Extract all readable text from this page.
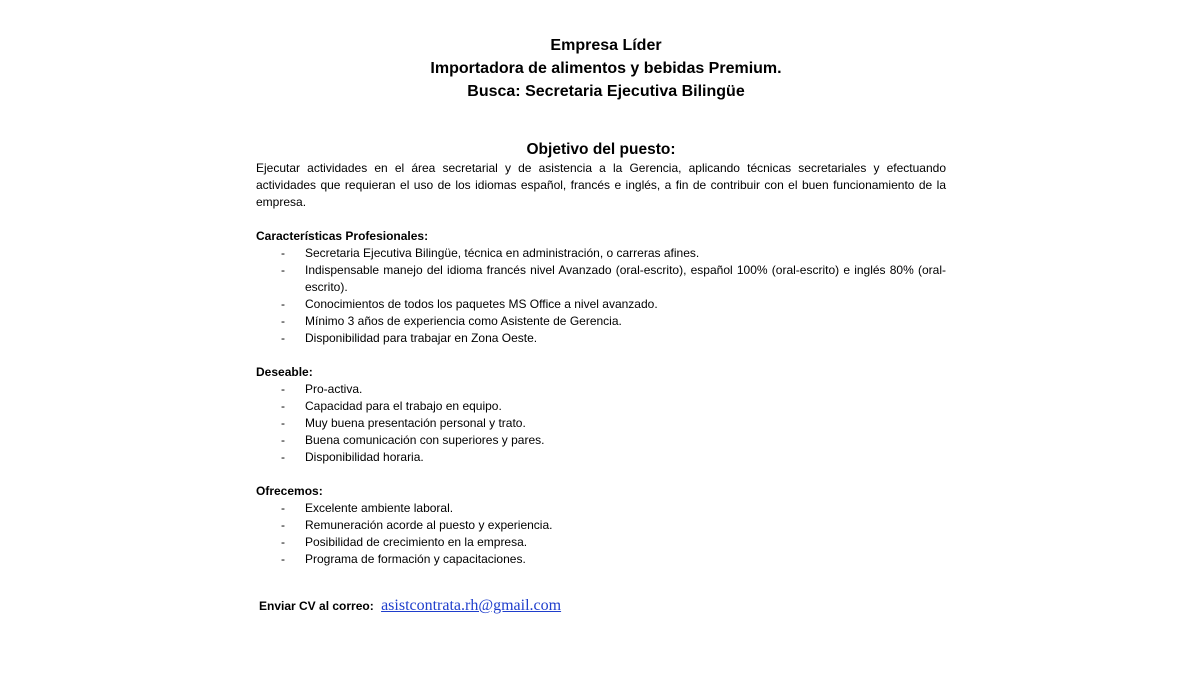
Empresa Líder
Importadora de alimentos y bebidas Premium.
Busca: Secretaria Ejecutiva Bilingüe
Objetivo del puesto:

Ejecutar actividades en el área secretarial y de asistencia a la Gerencia, aplicando técnicas secretariales y efectuando actividades que requieran el uso de los idiomas español, francés e inglés, a fin de contribuir con el buen funcionamiento de la empresa.

Características Profesionales:
- Secretaria Ejecutiva Bilingüe, técnica en administración, o carreras afines.
- Indispensable manejo del idioma francés nivel Avanzado (oral-escrito), español 100% (oral-escrito) e inglés 80% (oral-escrito).
- Conocimientos de todos los paquetes MS Office a nivel avanzado.
- Mínimo 3 años de experiencia como Asistente de Gerencia.
- Disponibilidad para trabajar en Zona Oeste.
Deseable:
- Pro-activa.
- Capacidad para el trabajo en equipo.
- Muy buena presentación personal y trato.
- Buena comunicación con superiores y pares.
- Disponibilidad horaria.
Ofrecemos:
- Excelente ambiente laboral.
- Remuneración acorde al puesto y experiencia.
- Posibilidad de crecimiento en la empresa.
- Programa de formación y capacitaciones.
Enviar CV al correo: asistcontrata.rh@gmail.com
